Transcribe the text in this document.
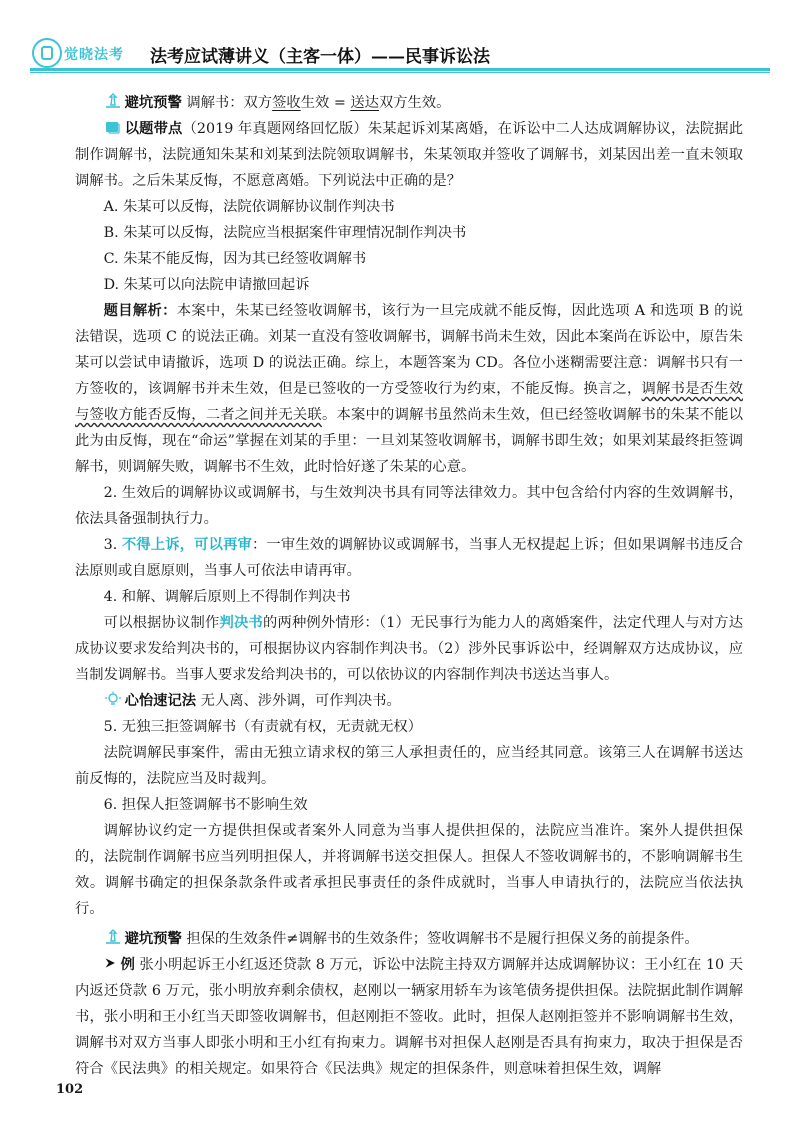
觉晓法考 法考应试薄讲义（主客一体）——民事诉讼法

避坑预警 调解书：双方签收生效 = 送达双方生效。

以题带点（2019 年真题网络回忆版）朱某起诉刘某离婚，在诉讼中二人达成调解协议，法院据此制作调解书，法院通知朱某和刘某到法院领取调解书，朱某领取并签收了调解书，刘某因出差一直未领取调解书。之后朱某反悔，不愿意离婚。下列说法中正确的是？

A. 朱某可以反悔，法院依调解协议制作判决书

B. 朱某可以反悔，法院应当根据案件审理情况制作判决书

C. 朱某不能反悔，因为其已经签收调解书

D. 朱某可以向法院申请撤回起诉

题目解析：本案中，朱某已经签收调解书，该行为一旦完成就不能反悔，因此选项 A 和选项 B 的说法错误，选项 C 的说法正确。刘某一直没有签收调解书，调解书尚未生效，因此本案尚在诉讼中，原告朱某可以尝试申请撤诉，选项 D 的说法正确。综上，本题答案为 CD。各位小迷糊需要注意：调解书只有一方签收的，该调解书并未生效，但是已签收的一方受签收行为约束，不能反悔。换言之，调解书是否生效与签收方能否反悔，二者之间并无关联。本案中的调解书虽然尚未生效，但已经签收调解书的朱某不能以此为由反悔，现在“命运”掌握在刘某的手里：一旦刘某签收调解书，调解书即生效；如果刘某最终拒签调解书，则调解失败，调解书不生效，此时恰好遂了朱某的心意。

2. 生效后的调解协议或调解书，与生效判决书具有同等法律效力。其中包含给付内容的生效调解书，依法具备强制执行力。

3. 不得上诉，可以再审：一审生效的调解协议或调解书，当事人无权提起上诉；但如果调解书违反合法原则或自愿原则，当事人可依法申请再审。

4. 和解、调解后原则上不得制作判决书

可以根据协议制作判决书的两种例外情形：（1）无民事行为能力人的离婚案件，法定代理人与对方达成协议要求发给判决书的，可根据协议内容制作判决书。（2）涉外民事诉讼中，经调解双方达成协议，应当制发调解书。当事人要求发给判决书的，可以依协议的内容制作判决书送达当事人。

心怡速记法 无人离、涉外调，可作判决书。

5. 无独三拒签调解书（有责就有权，无责就无权）

法院调解民事案件，需由无独立请求权的第三人承担责任的，应当经其同意。该第三人在调解书送达前反悔的，法院应当及时裁判。

6. 担保人拒签调解书不影响生效

调解协议约定一方提供担保或者案外人同意为当事人提供担保的，法院应当准许。案外人提供担保的，法院制作调解书应当列明担保人，并将调解书送交担保人。担保人不签收调解书的，不影响调解书生效。调解书确定的担保条款条件或者承担民事责任的条件成就时，当事人申请执行的，法院应当依法执行。

避坑预警 担保的生效条件≠调解书的生效条件；签收调解书不是履行担保义务的前提条件。

例 张小明起诉王小红返还贷款 8 万元，诉讼中法院主持双方调解并达成调解协议：王小红在 10 天内返还贷款 6 万元，张小明放弃剩余债权，赵刚以一辆家用轿车为该笔债务提供担保。法院据此制作调解书，张小明和王小红当天即签收调解书，但赵刚拒不签收。此时，担保人赵刚拒签并不影响调解书生效，调解书对双方当事人即张小明和王小红有拘束力。调解书对担保人赵刚是否具有拘束力，取决于担保是否符合《民法典》的相关规定。如果符合《民法典》规定的担保条件，则意味着担保生效，调解

102
